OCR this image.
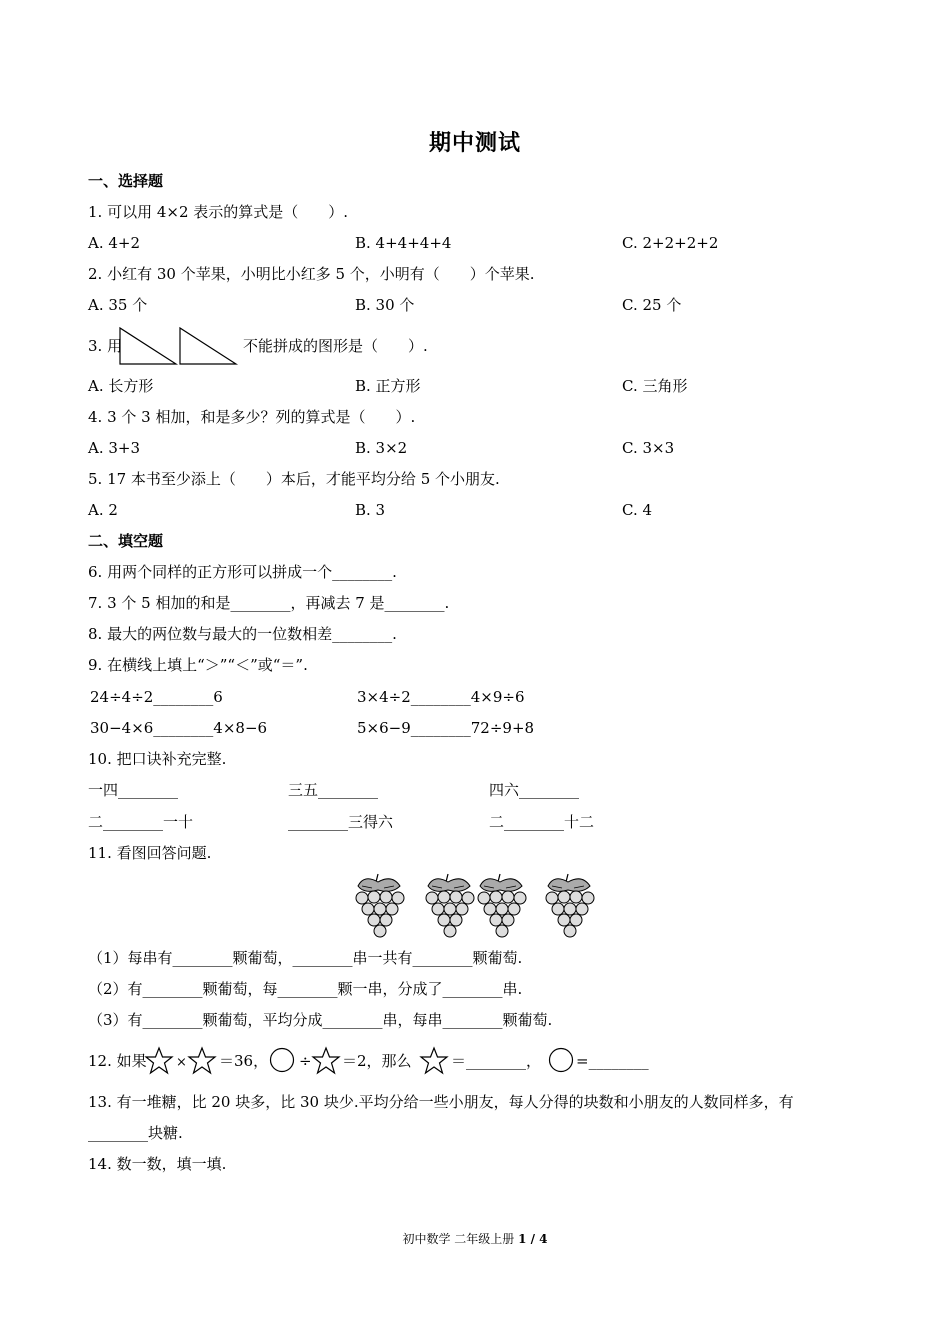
期中测试
一、选择题
1. 可以用 4×2 表示的算式是（　　）.
A. 4+2	B. 4+4+4+4	C. 2+2+2+2
2. 小红有 30 个苹果，小明比小红多 5 个，小明有（　　）个苹果.
A. 35 个	B. 30 个	C. 25 个
3. 用	不能拼成的图形是（　　）.
A. 长方形	B. 正方形	C. 三角形
4. 3 个 3 相加，和是多少？列的算式是（　　）.
A. 3+3	B. 3×2	C. 3×3
5. 17 本书至少添上（　　）本后，才能平均分给 5 个小朋友.
A. 2	B. 3	C. 4
二、填空题
6. 用两个同样的正方形可以拼成一个________.
7. 3 个 5 相加的和是________，再减去 7 是________.
8. 最大的两位数与最大的一位数相差________.
9. 在横线上填上“＞”“＜”或“＝”.
24÷4÷2________6	3×4÷2________4×9÷6
30−4×6________4×8−6	5×6−9________72÷9+8
10. 把口诀补充完整.
一四________	三五________	四六________
二________一十	________三得六	二________十二
11. 看图回答问题.
（1）每串有________颗葡萄，________串一共有________颗葡萄.
（2）有________颗葡萄，每________颗一串，分成了________串.
（3）有________颗葡萄，平均分成________串，每串________颗葡萄.
12. 如果 × ＝36， ÷ ＝2，那么	＝________， =________
13. 有一堆糖，比 20 块多，比 30 块少.平均分给一些小朋友，每人分得的块数和小朋友的人数同样多，有
________块糖.
14. 数一数，填一填.
初中数学 二年级上册 1 / 4
